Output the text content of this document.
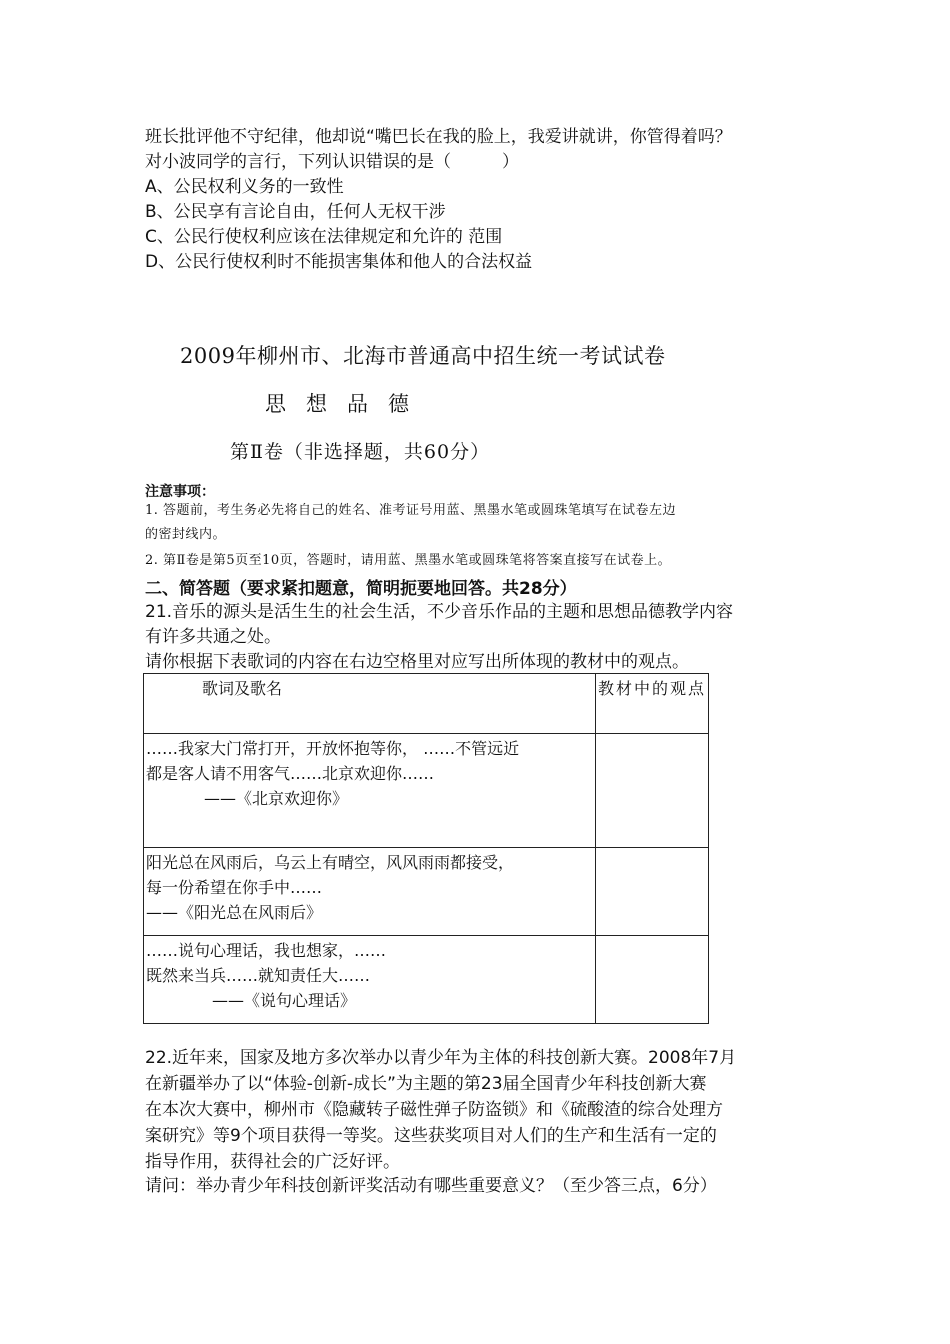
班长批评他不守纪律，他却说“嘴巴长在我的脸上，我爱讲就讲，你管得着吗？
对小波同学的言行，下列认识错误的是（　　　）
A、公民权利义务的一致性
B、公民享有言论自由，任何人无权干涉
C、公民行使权利应该在法律规定和允许的 范围
D、公民行使权利时不能损害集体和他人的合法权益
2009年柳州市、北海市普通高中招生统一考试试卷
思想品德
第Ⅱ卷（非选择题，共60分）
注意事项：
1. 答题前，考生务必先将自己的姓名、准考证号用蓝、黑墨水笔或圆珠笔填写在试卷左边
的密封线内。
2. 第Ⅱ卷是第5页至10页，答题时，请用蓝、黑墨水笔或圆珠笔将答案直接写在试卷上。
二、简答题（要求紧扣题意，简明扼要地回答。共28分）
21.音乐的源头是活生生的社会生活，不少音乐作品的主题和思想品德教学内容
有许多共通之处。
请你根据下表歌词的内容在右边空格里对应写出所体现的教材中的观点。
歌词及歌名	教材中的观点

……我家大门常打开，开放怀抱等你， ……不管远近
都是客人请不用客气……北京欢迎你……
——《北京欢迎你》	

阳光总在风雨后，乌云上有晴空，风风雨雨都接受，
每一份希望在你手中……
——《阳光总在风雨后》	

……说句心理话，我也想家，……
既然来当兵……就知责任大……
——《说句心理话》	

22.近年来，国家及地方多次举办以青少年为主体的科技创新大赛。2008年7月
在新疆举办了以“体验-创新-成长”为主题的第23届全国青少年科技创新大赛
在本次大赛中，柳州市《隐藏转子磁性弹子防盗锁》和《硫酸渣的综合处理方
案研究》等9个项目获得一等奖。这些获奖项目对人们的生产和生活有一定的
指导作用，获得社会的广泛好评。
请问：举办青少年科技创新评奖活动有哪些重要意义？（至少答三点，6分）
